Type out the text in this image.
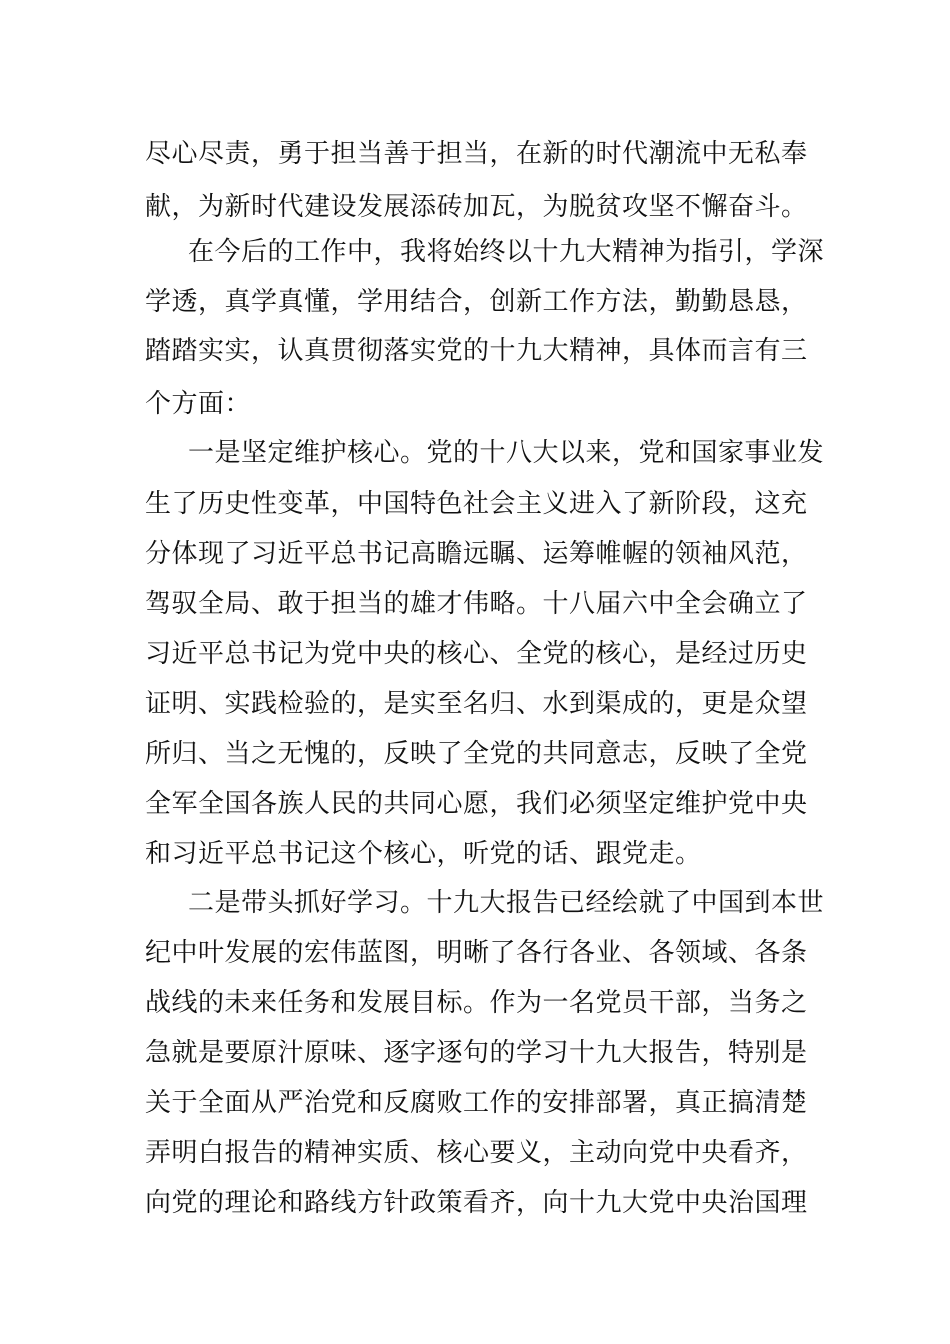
尽心尽责，勇于担当善于担当，在新的时代潮流中无私奉
献，为新时代建设发展添砖加瓦，为脱贫攻坚不懈奋斗。
在今后的工作中，我将始终以十九大精神为指引，学深
学透，真学真懂，学用结合，创新工作方法，勤勤恳恳，
踏踏实实，认真贯彻落实党的十九大精神，具体而言有三
个方面：
一是坚定维护核心。党的十八大以来，党和国家事业发
生了历史性变革，中国特色社会主义进入了新阶段，这充
分体现了习近平总书记高瞻远瞩、运筹帷幄的领袖风范，
驾驭全局、敢于担当的雄才伟略。十八届六中全会确立了
习近平总书记为党中央的核心、全党的核心，是经过历史
证明、实践检验的，是实至名归、水到渠成的，更是众望
所归、当之无愧的，反映了全党的共同意志，反映了全党
全军全国各族人民的共同心愿，我们必须坚定维护党中央
和习近平总书记这个核心，听党的话、跟党走。
二是带头抓好学习。十九大报告已经绘就了中国到本世
纪中叶发展的宏伟蓝图，明晰了各行各业、各领域、各条
战线的未来任务和发展目标。作为一名党员干部，当务之
急就是要原汁原味、逐字逐句的学习十九大报告，特别是
关于全面从严治党和反腐败工作的安排部署，真正搞清楚
弄明白报告的精神实质、核心要义，主动向党中央看齐，
向党的理论和路线方针政策看齐，向十九大党中央治国理
